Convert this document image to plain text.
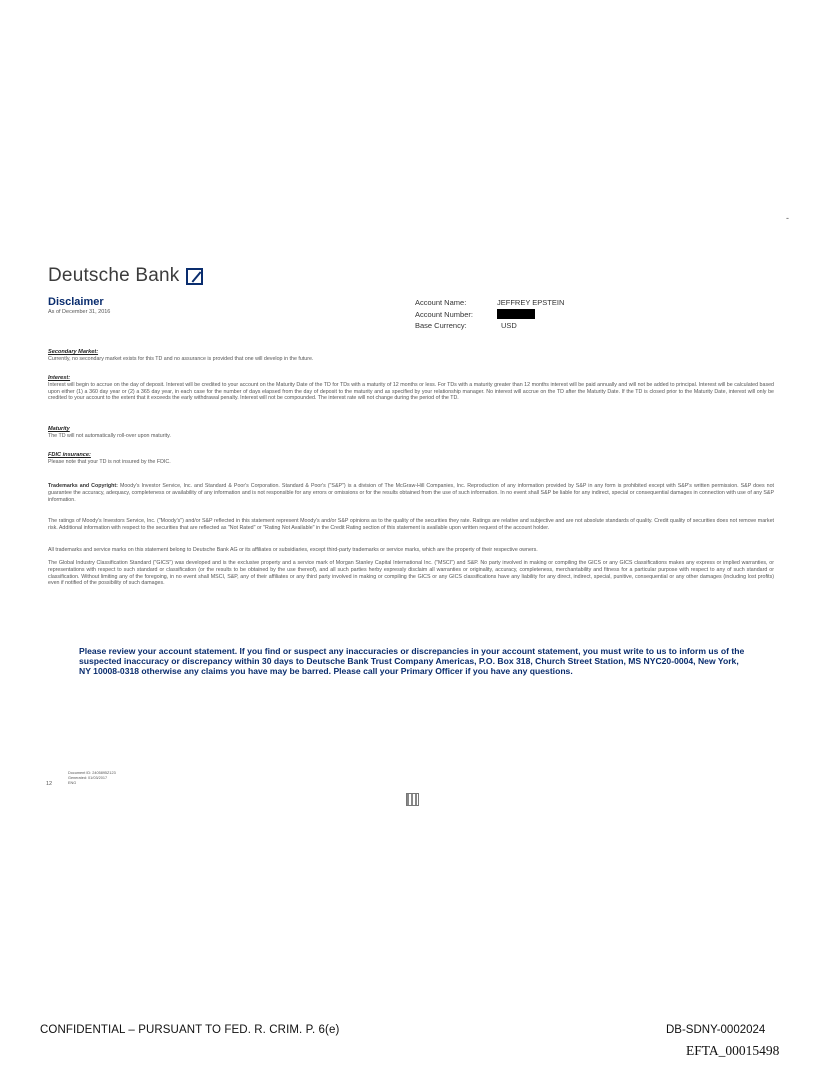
-
Deutsche Bank
Disclaimer
As of December 31, 2016
Account Name:	JEFFREY EPSTEIN
Account Number:
Base Currency:	USD
Secondary Market:
Currently, no secondary market exists for this TD and no assurance is provided that one will develop in the future.
Interest:
Interest will begin to accrue on the day of deposit. Interest will be credited to your account on the Maturity Date of the TD for TDs with a maturity of 12 months or less. For TDs with a maturity greater than 12 months interest will be paid annually and will not be added to principal. Interest will be calculated based upon either (1) a 360 day year or (2) a 365 day year, in each case for the number of days elapsed from the day of deposit to the maturity and as specified by your relationship manager. No interest will accrue on the TD after the Maturity Date. If the TD is closed prior to the Maturity Date, interest will only be credited to your account to the extent that it exceeds the early withdrawal penalty. Interest will not be compounded. The interest rate will not change during the period of the TD.
Maturity
The TD will not automatically roll-over upon maturity.
FDIC insurance:
Please note that your TD is not insured by the FDIC.
Trademarks and Copyright: Moody's Investor Service, Inc. and Standard & Poor's Corporation. Standard & Poor's ("S&P") is a division of The McGraw-Hill Companies, Inc. Reproduction of any information provided by S&P in any form is prohibited except with S&P's written permission. S&P does not guarantee the accuracy, adequacy, completeness or availability of any information and is not responsible for any errors or omissions or for the results obtained from the use of such information. In no event shall S&P be liable for any indirect, special or consequential damages in connection with use of any S&P information.
The ratings of Moody's Investors Service, Inc. ("Moody's") and/or S&P reflected in this statement represent Moody's and/or S&P opinions as to the quality of the securities they rate. Ratings are relative and subjective and are not absolute standards of quality. Credit quality of securities does not remove market risk. Additional information with respect to the securities that are reflected as "Not Rated" or "Rating Not Available" in the Credit Rating section of this statement is available upon written request of the account holder.
All trademarks and service marks on this statement belong to Deutsche Bank AG or its affiliates or subsidiaries, except third-party trademarks or service marks, which are the property of their respective owners.
The Global Industry Classification Standard ("GICS") was developed and is the exclusive property and a service mark of Morgan Stanley Capital International Inc. ("MSCI") and S&P. No party involved in making or compiling the GICS or any GICS classifications makes any express or implied warranties, or representations with respect to such standard or classification (or the results to be obtained by the use thereof), and all such parties herby expressly disclaim all warranties or originality, accuracy, completeness, merchantability and fitness for a particular purpose with respect to any of such standard or classification. Without limiting any of the foregoing, in no event shall MSCI, S&P, any of their affiliates or any third party involved in making or compiling the GICS or any GICS classifications have any liability for any direct, indirect, special, punitive, consequential or any other damages (including lost profits) even if notified of the possibility of such damages.
Please review your account statement. If you find or suspect any inaccuracies or discrepancies in your account statement, you must write to us to inform us of the suspected inaccuracy or discrepancy within 30 days to Deutsche Bank Trust Company Americas, P.O. Box 318, Church Street Station, MS NYC20-0004, New York, NY 10008-0318 otherwise any claims you have may be barred. Please call your Primary Officer if you have any questions.
12
Document ID: 2405895Z123
Generated: 01/03/2017
ENG
CONFIDENTIAL – PURSUANT TO FED. R. CRIM. P. 6(e)	DB-SDNY-0002024
EFTA_00015498
